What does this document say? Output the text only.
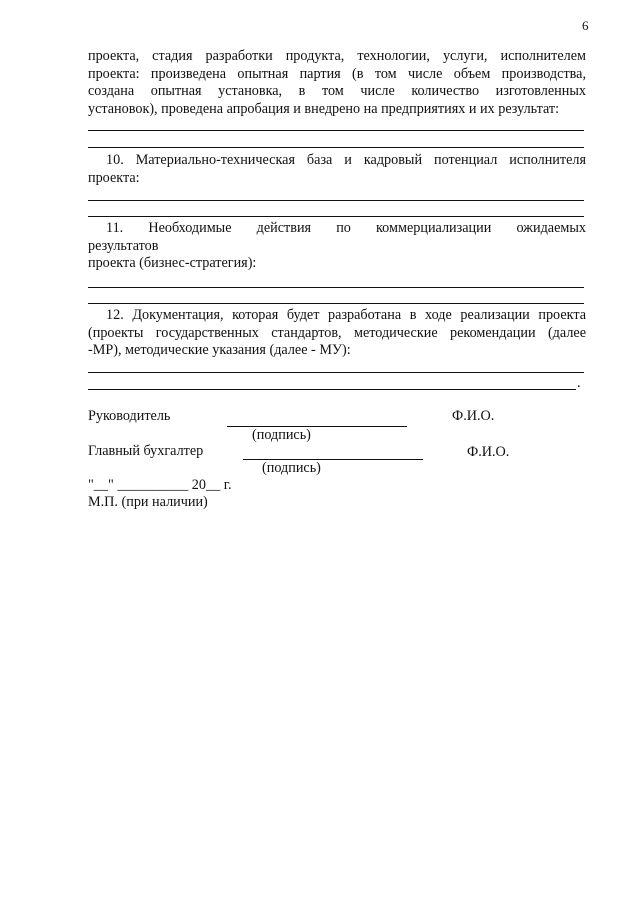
6
проекта, стадия разработки продукта, технологии, услуги, исполнителем
проекта: произведена опытная партия (в том числе объем производства,
создана опытная установка, в том числе количество изготовленных
установок), проведена апробация и внедрено на предприятиях и их результат:
10. Материально-техническая база и кадровый потенциал исполнителя
проекта:
11. Необходимые действия по коммерциализации ожидаемых
результатов
проекта (бизнес-стратегия):
12. Документация, которая будет разработана в ходе реализации проекта
(проекты государственных стандартов, методические рекомендации (далее
-МР), методические указания (далее - МУ):
.
Руководитель	Ф.И.О.
(подпись)
Главный бухгалтер	Ф.И.О.
(подпись)
"__" __________ 20__ г.
М.П. (при наличии)
